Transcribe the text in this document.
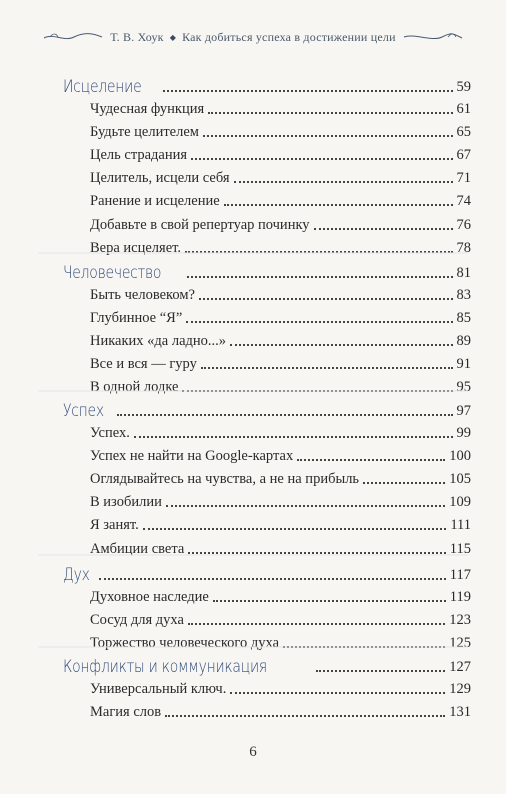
Т. В. Хоук ◆ Как добиться успеха в достижении цели
Исцеление	59
Чудесная функция	61
Будьте целителем	65
Цель страдания	67
Целитель, исцели себя	71
Ранение и исцеление	74
Добавьте в свой репертуар починку	76
Вера исцеляет.	78
Человечество	81
Быть человеком?	83
Глубинное “Я”	85
Никаких «да ладно...»	89
Все и вся — гуру	91
В одной лодке	95
Успех	97
Успех.	99
Успех не найти на Google-картах	100
Оглядывайтесь на чувства, а не на прибыль	105
В изобилии	109
Я занят.	111
Амбиции света	115
Дух	117
Духовное наследие	119
Сосуд для духа	123
Торжество человеческого духа	125
Конфликты и коммуникация	127
Универсальный ключ.	129
Магия слов	131
6
